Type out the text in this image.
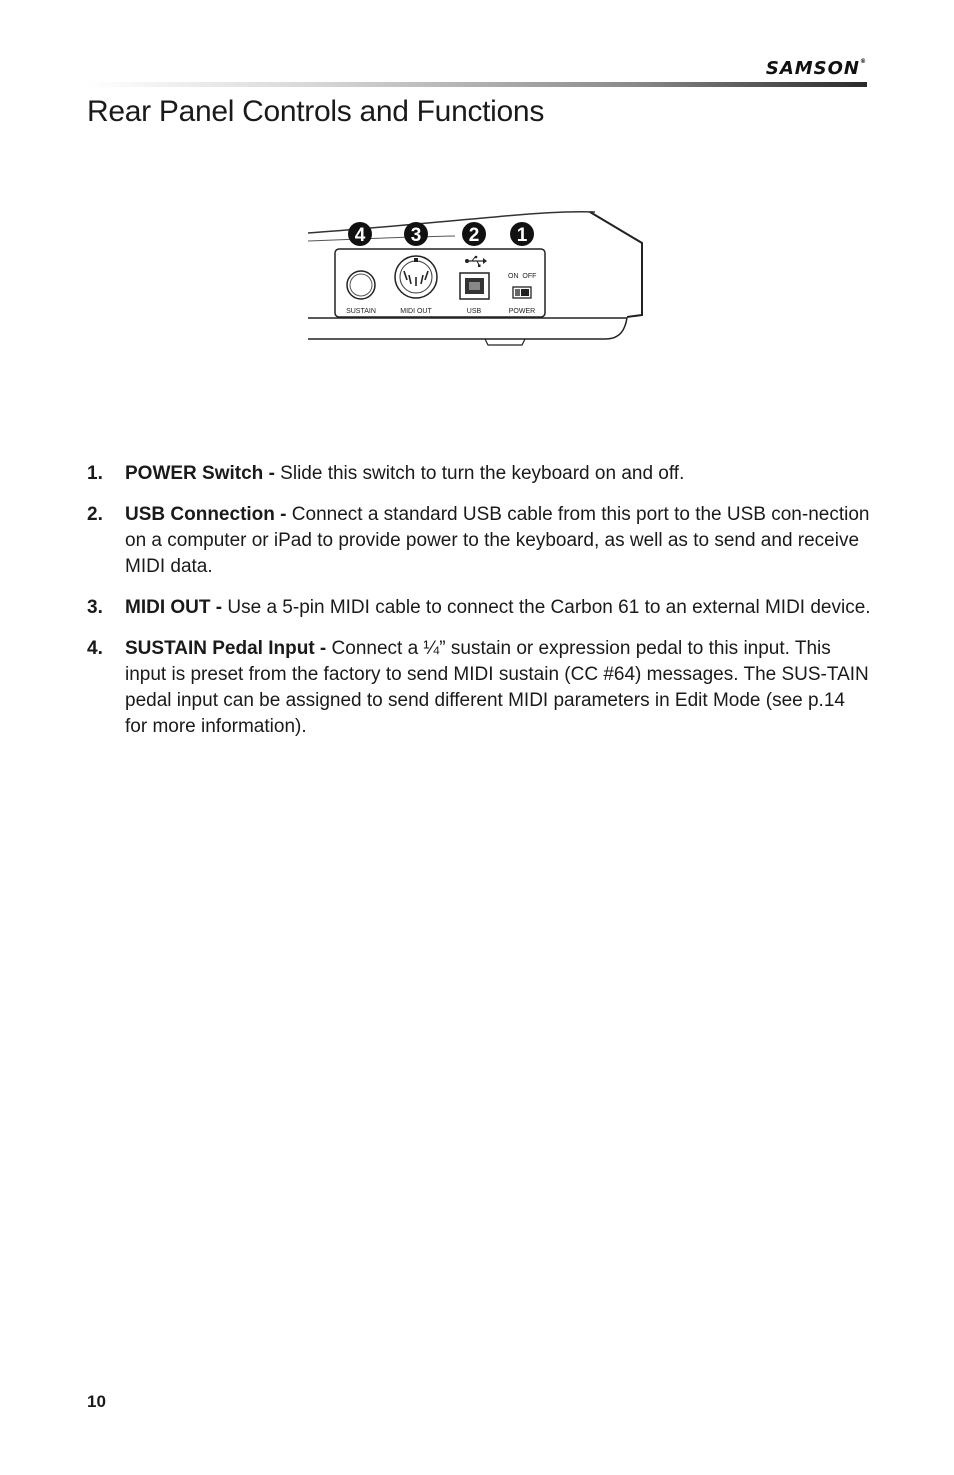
SAMSON®
Rear Panel Controls and Functions
4 3 2 1
ON  OFF
SUSTAIN	MIDI OUT	USB	POWER
1.	POWER Switch - Slide this switch to turn the keyboard on and off.
2.	USB Connection - Connect a standard USB cable from this port to the USB con-nection on a computer or iPad to provide power to the keyboard, as well as to send and receive MIDI data.
3.	MIDI OUT - Use a 5-pin MIDI cable to connect the Carbon 61 to an external MIDI device.
4.	SUSTAIN Pedal Input - Connect a ¼” sustain or expression pedal to this input. This input is preset from the factory to send MIDI sustain (CC #64) messages. The SUS-TAIN pedal input can be assigned to send different MIDI parameters in Edit Mode (see p.14 for more information).
10
